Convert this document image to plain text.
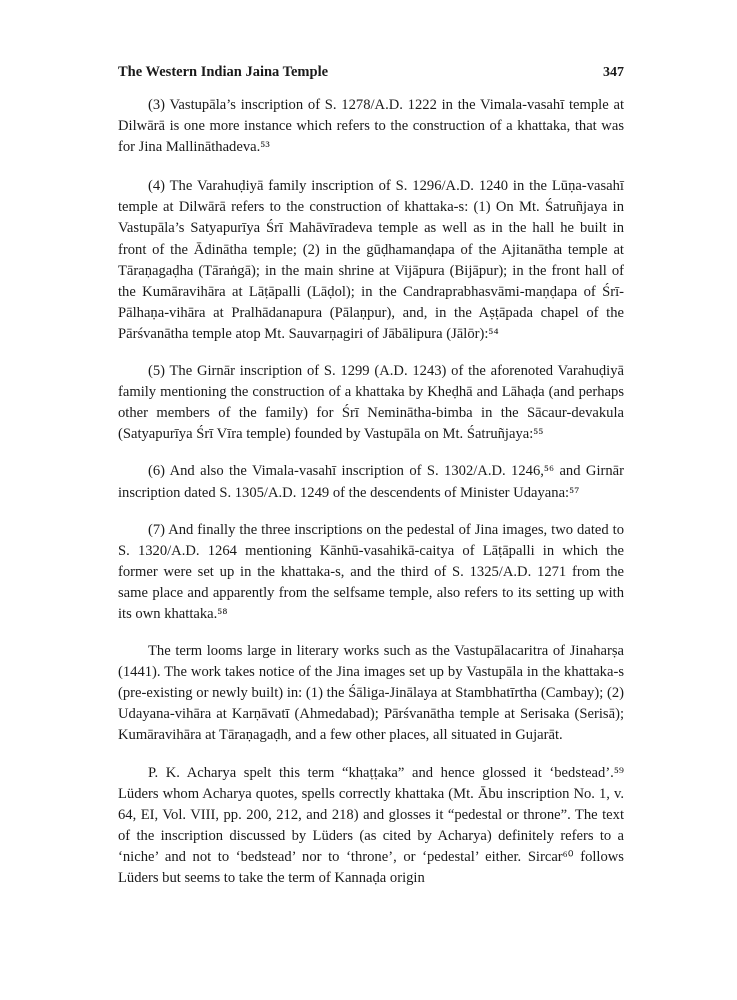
The Western Indian Jaina Temple	347

(3) Vastupāla’s inscription of S. 1278/A.D. 1222 in the Vimala-vasahī temple at Dilwārā is one more instance which refers to the construction of a khattaka, that was for Jina Mallināthadeva.⁵³

(4) The Varahuḍiyā family inscription of S. 1296/A.D. 1240 in the Lūṇa-vasahī temple at Dilwārā refers to the construction of khattaka-s: (1) On Mt. Śatruñjaya in Vastupāla’s Satyapurīya Śrī Mahāvīradeva temple as well as in the hall he built in front of the Ādinātha temple; (2) in the gūḍhamanḍapa of the Ajitanātha temple at Tāraṇagaḍha (Tāraṅgā); in the main shrine at Vijāpura (Bijāpur); in the front hall of the Kumāravihāra at Lāṭāpalli (Lāḍol); in the Candraprabhasvāmi-maṇḍapa of Śrī-Pālhaṇa-vihāra at Pralhādanapura (Pālaṇpur), and, in the Aṣṭāpada chapel of the Pārśvanātha temple atop Mt. Sauvarṇagiri of Jābālipura (Jālōr):⁵⁴

(5) The Girnār inscription of S. 1299 (A.D. 1243) of the aforenoted Varahuḍiyā family mentioning the construction of a khattaka by Kheḍhā and Lāhaḍa (and perhaps other members of the family) for Śrī Neminātha-bimba in the Sācaur-devakula (Satyapurīya Śrī Vīra temple) founded by Vastupāla on Mt. Śatruñjaya:⁵⁵

(6) And also the Vimala-vasahī inscription of S. 1302/A.D. 1246,⁵⁶ and Girnār inscription dated S. 1305/A.D. 1249 of the descendents of Minister Udayana:⁵⁷

(7) And finally the three inscriptions on the pedestal of Jina images, two dated to S. 1320/A.D. 1264 mentioning Kānhū-vasahikā-caitya of Lāṭāpalli in which the former were set up in the khattaka-s, and the third of S. 1325/A.D. 1271 from the same place and apparently from the selfsame temple, also refers to its setting up with its own khattaka.⁵⁸

The term looms large in literary works such as the Vastupālacaritra of Jinaharṣa (1441). The work takes notice of the Jina images set up by Vastupāla in the khattaka-s (pre-existing or newly built) in: (1) the Śāliga-Jinālaya at Stambhatīrtha (Cambay); (2) Udayana-vihāra at Karṇāvatī (Ahmedabad); Pārśvanātha temple at Serisaka (Serisā); Kumāravihāra at Tāraṇagaḍh, and a few other places, all situated in Gujarāt.

P. K. Acharya spelt this term “khaṭṭaka” and hence glossed it ‘bedstead’.⁵⁹ Lüders whom Acharya quotes, spells correctly khattaka (Mt. Ābu inscription No. 1, v. 64, EI, Vol. VIII, pp. 200, 212, and 218) and glosses it “pedestal or throne”. The text of the inscription discussed by Lüders (as cited by Acharya) definitely refers to a ‘niche’ and not to ‘bedstead’ nor to ‘throne’, or ‘pedestal’ either. Sircar⁶⁰ follows Lüders but seems to take the term of Kannaḍa origin
